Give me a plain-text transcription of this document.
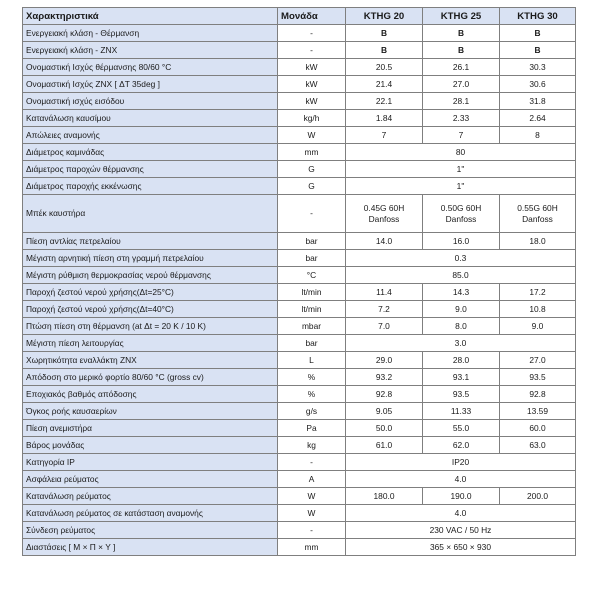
Χαρακτηριστικά	Μονάδα	KTHG 20	KTHG 25	KTHG 30
Ενεργειακή κλάση - Θέρμανση	-	B	B	B
Ενεργειακή κλάση - ZNX	-	B	B	B
Ονομαστική Ισχύς θέρμανσης 80/60 °C	kW	20.5	26.1	30.3
Ονομαστική Ισχύς ZNX [ ΔT 35deg ]	kW	21.4	27.0	30.6
Ονομαστική ισχύς εισόδου	kW	22.1	28.1	31.8
Κατανάλωση καυσίμου	kg/h	1.84	2.33	2.64
Απώλειες αναμονής	W	7	7	8
Διάμετρος καμινάδας	mm	80		
Διάμετρος παροχών θέρμανσης	G	1"		
Διάμετρος παροχής εκκένωσης	G	1"		
Μπέκ καυστήρα	-	0.45G 60H Danfoss	0.50G 60H Danfoss	0.55G 60H Danfoss
Πίεση αντλίας πετρελαίου	bar	14.0	16.0	18.0
Μέγιστη αρνητική πίεση στη γραμμή πετρελαίου	bar	0.3		
Μέγιστη ρύθμιση θερμοκρασίας νερού θέρμανσης	°C	85.0		
Παροχή ζεστού νερού χρήσης(Δt=25°C)	lt/min	11.4	14.3	17.2
Παροχή ζεστού νερού χρήσης(Δt=40°C)	lt/min	7.2	9.0	10.8
Πτώση πίεση στη θέρμανση (at Δt = 20 K / 10 K)	mbar	7.0	8.0	9.0
Μέγιστη πίεση λειτουργίας	bar	3.0		
Χωρητικότητα εναλλάκτη ZNX	L	29.0	28.0	27.0
Απόδοση στο μερικό φορτίο 80/60 °C (gross cv)	%	93.2	93.1	93.5
Εποχιακός βαθμός απόδοσης	%	92.8	93.5	92.8
Όγκος ροής καυσαερίων	g/s	9.05	11.33	13.59
Πίεση ανεμιστήρα	Pa	50.0	55.0	60.0
Βάρος μονάδας	kg	61.0	62.0	63.0
Κατηγορία IP	-	IP20		
Ασφάλεια ρεύματος	A	4.0		
Κατανάλωση ρεύματος	W	180.0	190.0	200.0
Κατανάλωση ρεύματος σε κατάσταση αναμονής	W	4.0		
Σύνδεση ρεύματος	-	230 VAC / 50 Hz		
Διαστάσεις [ Μ × Π × Υ ]	mm	365 × 650 × 930		
